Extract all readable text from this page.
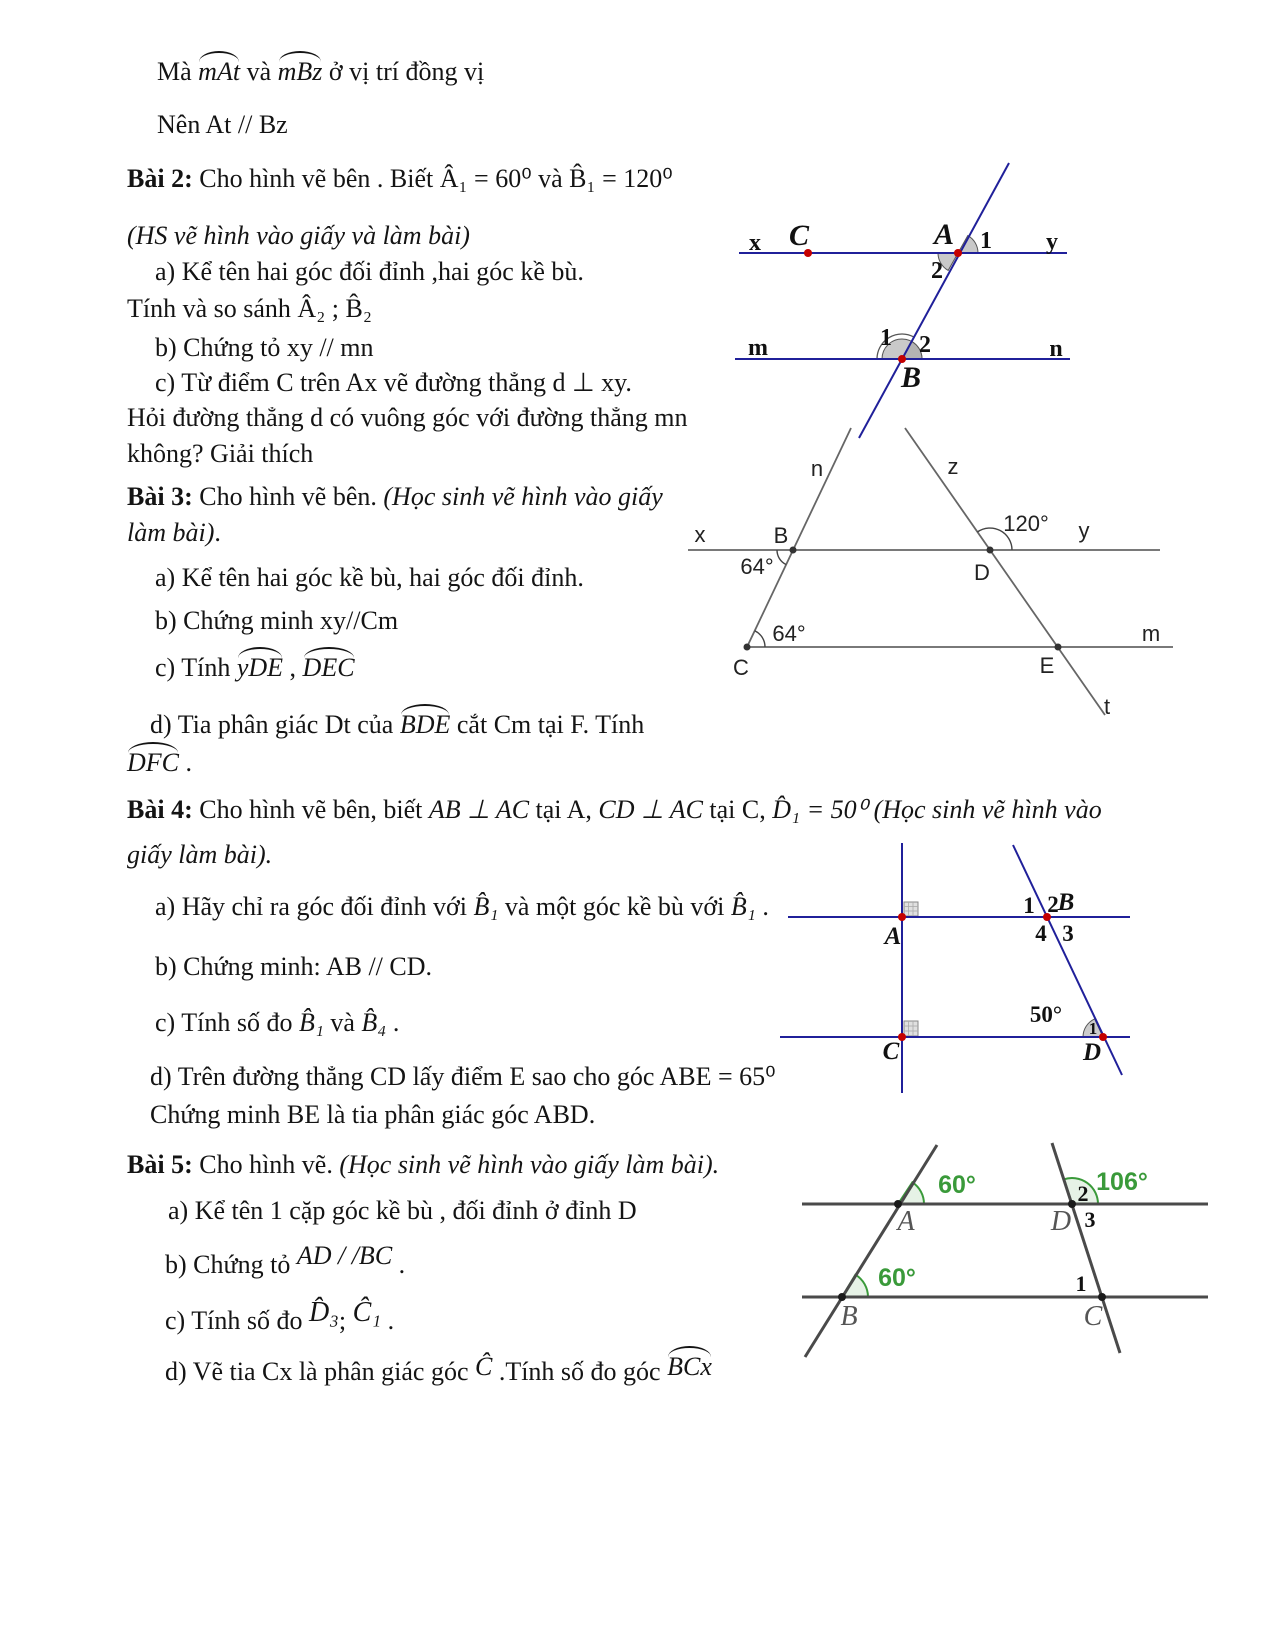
Mà mAt và mBz ở vị trí đồng vị
Nên At // Bz
Bài 2: Cho hình vẽ bên . Biết Â₁ = 60⁰ và B̂₁ = 120⁰
(HS vẽ hình vào giấy và làm bài)
a) Kể tên hai góc đối đỉnh ,hai góc kề bù.
Tính và so sánh Â₂ ; B̂₂
b) Chứng tỏ xy // mn
c) Từ điểm C trên Ax vẽ đường thẳng d ⊥ xy.
Hỏi đường thẳng d có vuông góc với đường thẳng mn
không? Giải thích
Bài 3: Cho hình vẽ bên. (Học sinh vẽ hình vào giấy
làm bài).
a) Kể tên hai góc kề bù, hai góc đối đỉnh.
b) Chứng minh xy//Cm
c) Tính yDE , DEC
d) Tia phân giác Dt của BDE cắt Cm tại F. Tính
DFC .
Bài 4: Cho hình vẽ bên, biết AB ⊥ AC tại A, CD ⊥ AC tại C, D̂₁ = 50⁰ (Học sinh vẽ hình vào
giấy làm bài).
a) Hãy chỉ ra góc đối đỉnh với B̂₁ và một góc kề bù với B̂₁ .
b) Chứng minh: AB // CD.
c) Tính số đo B̂₁ và B̂₄ .
d) Trên đường thẳng CD lấy điểm E sao cho góc ABE = 65⁰
Chứng minh BE là tia phân giác góc ABD.
Bài 5: Cho hình vẽ. (Học sinh vẽ hình vào giấy làm bài).
a) Kể tên 1 cặp góc kề bù , đối đỉnh ở đỉnh D
b) Chứng tỏ AD / /BC .
c) Tính số đo D̂₃; Ĉ₁ .
d) Vẽ tia Cx là phân giác góc Ĉ .Tính số đo góc BCx
x C	A 1
2
y
m	1 2	n
B
x	B	y
n	z
120°
64°	D
64°
C	E
m
t
A
1 2
B
4 3
50°
1
C	D
60°	106°
2
A	D 3
60°	1
B	C
